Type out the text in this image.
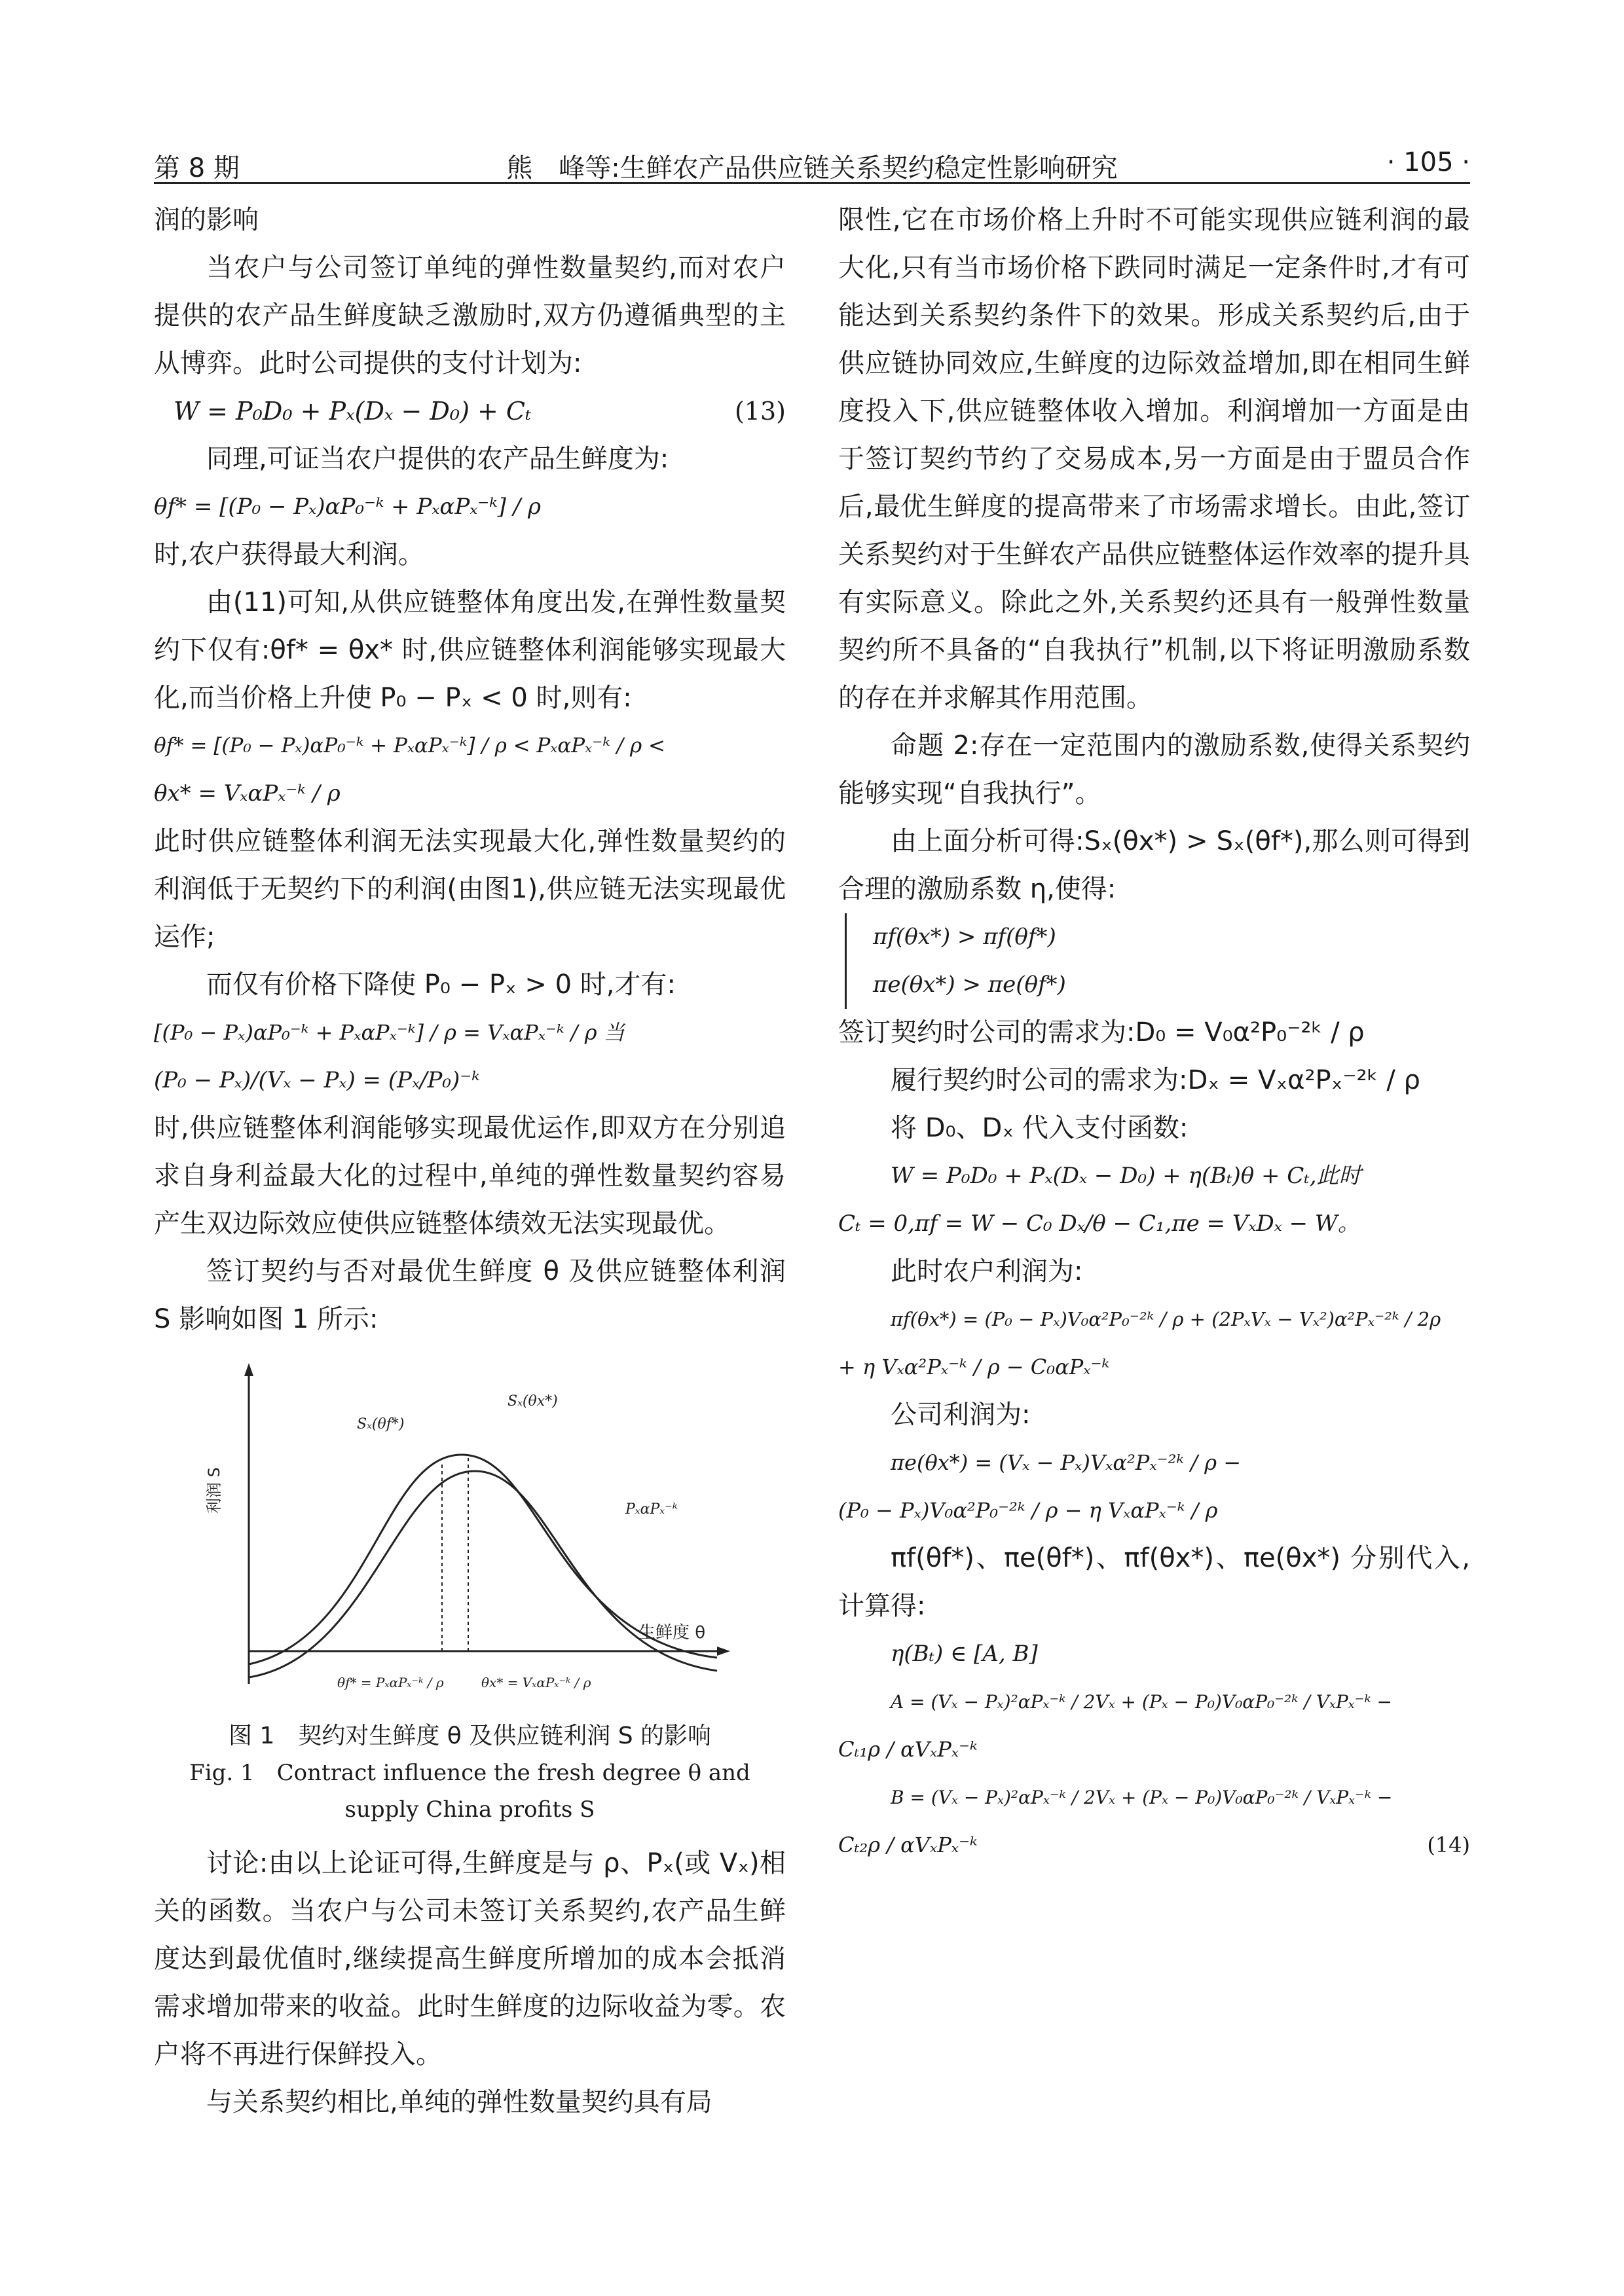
第 8 期	熊　峰等:生鲜农产品供应链关系契约稳定性影响研究	· 105 ·

润的影响

当农户与公司签订单纯的弹性数量契约,而对农户提供的农产品生鲜度缺乏激励时,双方仍遵循典型的主从博弈。此时公司提供的支付计划为:

W = P₀D₀ + Pₓ(Dₓ − D₀) + Cₜ	(13)

同理,可证当农户提供的农产品生鲜度为:

θf* = [(P₀ − Pₓ)αP₀⁻ᵏ + PₓαPₓ⁻ᵏ] / ρ

时,农户获得最大利润。

由(11)可知,从供应链整体角度出发,在弹性数量契约下仅有:θf* = θx* 时,供应链整体利润能够实现最大化,而当价格上升使 P₀ − Pₓ < 0 时,则有:

θf* = [(P₀ − Pₓ)αP₀⁻ᵏ + PₓαPₓ⁻ᵏ] / ρ < PₓαPₓ⁻ᵏ / ρ <
θx* = VₓαPₓ⁻ᵏ / ρ

此时供应链整体利润无法实现最大化,弹性数量契约的利润低于无契约下的利润(由图1),供应链无法实现最优运作;

而仅有价格下降使 P₀ − Pₓ > 0 时,才有:

[(P₀ − Pₓ)αP₀⁻ᵏ + PₓαPₓ⁻ᵏ] / ρ = VₓαPₓ⁻ᵏ / ρ 当
(P₀ − Pₓ)/(Vₓ − Pₓ) = (Pₓ/P₀)⁻ᵏ

时,供应链整体利润能够实现最优运作,即双方在分别追求自身利益最大化的过程中,单纯的弹性数量契约容易产生双边际效应使供应链整体绩效无法实现最优。

签订契约与否对最优生鲜度 θ 及供应链整体利润 S 影响如图 1 所示:

利润 S
生鲜度 θ
Sₓ(θf*)
Sₓ(θx*)
PₓαPₓ⁻ᵏ
θf* = PₓαPₓ⁻ᵏ / ρ	θx* = VₓαPₓ⁻ᵏ / ρ

图 1　契约对生鲜度 θ 及供应链利润 S 的影响

Fig. 1　Contract influence the fresh degree θ and supply China profits S

讨论:由以上论证可得,生鲜度是与 ρ、Pₓ(或 Vₓ)相关的函数。当农户与公司未签订关系契约,农产品生鲜度达到最优值时,继续提高生鲜度所增加的成本会抵消需求增加带来的收益。此时生鲜度的边际收益为零。农户将不再进行保鲜投入。

与关系契约相比,单纯的弹性数量契约具有局

限性,它在市场价格上升时不可能实现供应链利润的最大化,只有当市场价格下跌同时满足一定条件时,才有可能达到关系契约条件下的效果。形成关系契约后,由于供应链协同效应,生鲜度的边际效益增加,即在相同生鲜度投入下,供应链整体收入增加。利润增加一方面是由于签订契约节约了交易成本,另一方面是由于盟员合作后,最优生鲜度的提高带来了市场需求增长。由此,签订关系契约对于生鲜农产品供应链整体运作效率的提升具有实际意义。除此之外,关系契约还具有一般弹性数量契约所不具备的“自我执行”机制,以下将证明激励系数的存在并求解其作用范围。

命题 2:存在一定范围内的激励系数,使得关系契约能够实现“自我执行”。

由上面分析可得:Sₓ(θx*) > Sₓ(θf*),那么则可得到合理的激励系数 η,使得:

πf(θx*) > πf(θf*)
πe(θx*) > πe(θf*)

签订契约时公司的需求为:D₀ = V₀α²P₀⁻²ᵏ / ρ

履行契约时公司的需求为:Dₓ = Vₓα²Pₓ⁻²ᵏ / ρ

将 D₀、Dₓ 代入支付函数:

W = P₀D₀ + Pₓ(Dₓ − D₀) + η(Bₜ)θ + Cₜ,此时
Cₜ = 0,πf = W − C₀ Dₓ/θ − C₁,πe = VₓDₓ − W。

此时农户利润为:

πf(θx*) = (P₀ − Pₓ)V₀α²P₀⁻²ᵏ / ρ + (2PₓVₓ − Vₓ²)α²Pₓ⁻²ᵏ / 2ρ
+ η Vₓα²Pₓ⁻ᵏ / ρ − C₀αPₓ⁻ᵏ

公司利润为:

πe(θx*) = (Vₓ − Pₓ)Vₓα²Pₓ⁻²ᵏ / ρ −
(P₀ − Pₓ)V₀α²P₀⁻²ᵏ / ρ − η VₓαPₓ⁻ᵏ / ρ

πf(θf*)、πe(θf*)、πf(θx*)、πe(θx*) 分别代入,计算得:

η(Bₜ) ∈ [A, B]
A = (Vₓ − Pₓ)²αPₓ⁻ᵏ / 2Vₓ + (Pₓ − P₀)V₀αP₀⁻²ᵏ / VₓPₓ⁻ᵏ −
Cₜ₁ρ / αVₓPₓ⁻ᵏ
B = (Vₓ − Pₓ)²αPₓ⁻ᵏ / 2Vₓ + (Pₓ − P₀)V₀αP₀⁻²ᵏ / VₓPₓ⁻ᵏ −
Cₜ₂ρ / αVₓPₓ⁻ᵏ	(14)
